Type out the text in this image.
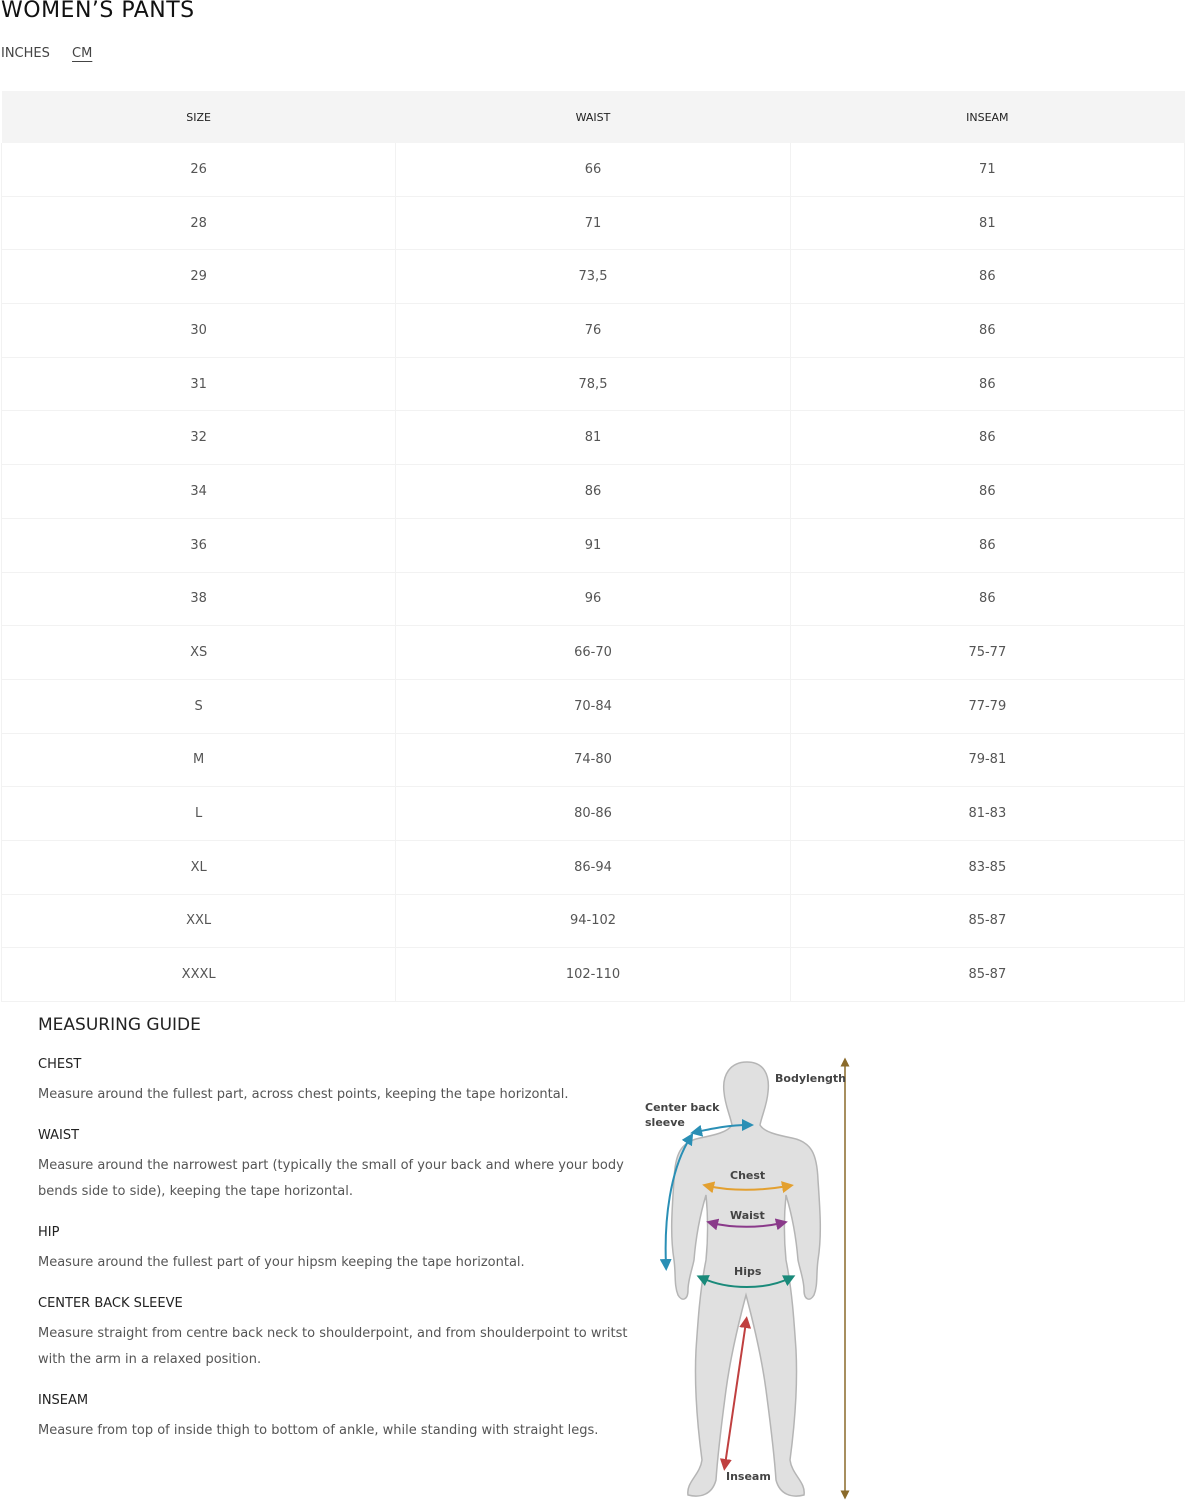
WOMEN’S PANTS
INCHES CM
SIZE	WAIST	INSEAM
26	66	71
28	71	81
29	73,5	86
30	76	86
31	78,5	86
32	81	86
34	86	86
36	91	86
38	96	86
XS	66-70	75-77
S	70-84	77-79
M	74-80	79-81
L	80-86	81-83
XL	86-94	83-85
XXL	94-102	85-87
XXXL	102-110	85-87
MEASURING GUIDE
CHEST

Measure around the fullest part, across chest points, keeping the tape horizontal.

WAIST

Measure around the narrowest part (typically the small of your back and where your body bends side to side), keeping the tape horizontal.

HIP

Measure around the fullest part of your hipsm keeping the tape horizontal.

CENTER BACK SLEEVE

Measure straight from centre back neck to shoulderpoint, and from shoulderpoint to writst with the arm in a relaxed position.

INSEAM

Measure from top of inside thigh to bottom of ankle, while standing with straight legs.

Bodylength
Center back
sleeve
Chest
Waist
Hips
Inseam
